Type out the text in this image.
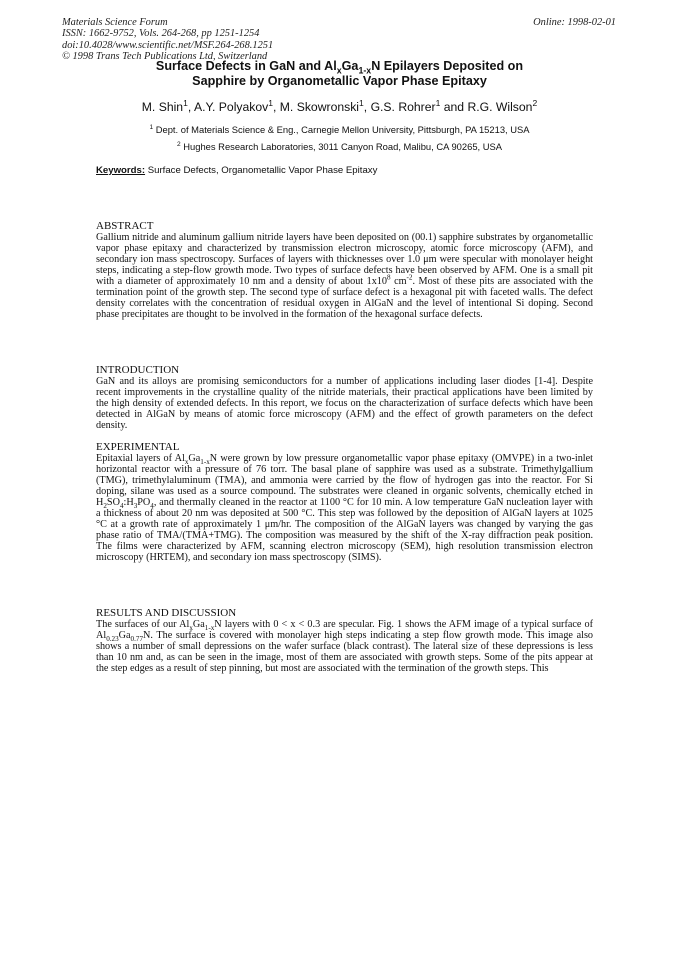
Materials Science Forum
ISSN: 1662-9752, Vols. 264-268, pp 1251-1254
doi:10.4028/www.scientific.net/MSF.264-268.1251
© 1998 Trans Tech Publications Ltd, Switzerland
Online: 1998-02-01
Surface Defects in GaN and $Al_xGa_{1-x}N$ Epilayers Deposited on
Sapphire by Organometallic Vapor Phase Epitaxy
M. Shin$^1$, A.Y. Polyakov$^1$, M. Skowronski$^1$, G.S. Rohrer$^1$ and R.G. Wilson$^2$
$^1$ Dept. of Materials Science & Eng., Carnegie Mellon University, Pittsburgh, PA 15213, USA
$^2$ Hughes Research Laboratories, 3011 Canyon Road, Malibu, CA 90265, USA
Keywords: Surface Defects, Organometallic Vapor Phase Epitaxy
ABSTRACT

Gallium nitride and aluminum gallium nitride layers have been deposited on (00.1) sapphire substrates by organometallic vapor phase epitaxy and characterized by transmission electron microscopy, atomic force microscopy (AFM), and secondary ion mass spectroscopy. Surfaces of layers with thicknesses over 1.0 μm were specular with monolayer height steps, indicating a step-flow growth mode. Two types of surface defects have been observed by AFM. One is a small pit with a diameter of approximately 10 nm and a density of about $1x10^8$ $cm^{-2}$. Most of these pits are associated with the termination point of the growth step. The second type of surface defect is a hexagonal pit with faceted walls. The defect density correlates with the concentration of residual oxygen in AlGaN and the level of intentional Si doping. Second phase precipitates are thought to be involved in the formation of the hexagonal surface defects.

INTRODUCTION

GaN and its alloys are promising semiconductors for a number of applications including laser diodes [1-4]. Despite recent improvements in the crystalline quality of the nitride materials, their practical applications have been limited by the high density of extended defects. In this report, we focus on the characterization of surface defects which have been detected in AlGaN by means of atomic force microscopy (AFM) and the effect of growth parameters on the defect density.

EXPERIMENTAL

Epitaxial layers of $Al_xGa_{1-x}N$ were grown by low pressure organometallic vapor phase epitaxy (OMVPE) in a two-inlet horizontal reactor with a pressure of 76 torr. The basal plane of sapphire was used as a substrate. Trimethylgallium (TMG), trimethylaluminum (TMA), and ammonia were carried by the flow of hydrogen gas into the reactor. For Si doping, silane was used as a source compound. The substrates were cleaned in organic solvents, chemically etched in $H_2SO_4:H_3PO_4$, and thermally cleaned in the reactor at 1100 °C for 10 min. A low temperature GaN nucleation layer with a thickness of about 20 nm was deposited at 500 °C. This step was followed by the deposition of AlGaN layers at 1025 °C at a growth rate of approximately 1 μm/hr. The composition of the AlGaN layers was changed by varying the gas phase ratio of TMA/(TMA+TMG). The composition was measured by the shift of the X-ray diffraction peak position. The films were characterized by AFM, scanning electron microscopy (SEM), high resolution transmission electron microscopy (HRTEM), and secondary ion mass spectroscopy (SIMS).

RESULTS AND DISCUSSION

The surfaces of our $Al_xGa_{1-x}N$ layers with 0 < x < 0.3 are specular. Fig. 1 shows the AFM image of a typical surface of $Al_{0.23}Ga_{0.77}N$. The surface is covered with monolayer high steps indicating a step flow growth mode. This image also shows a number of small depressions on the wafer surface (black contrast). The lateral size of these depressions is less than 10 nm and, as can be seen in the image, most of them are associated with growth steps. Some of the pits appear at the step edges as a result of step pinning, but most are associated with the termination of the growth steps. This
